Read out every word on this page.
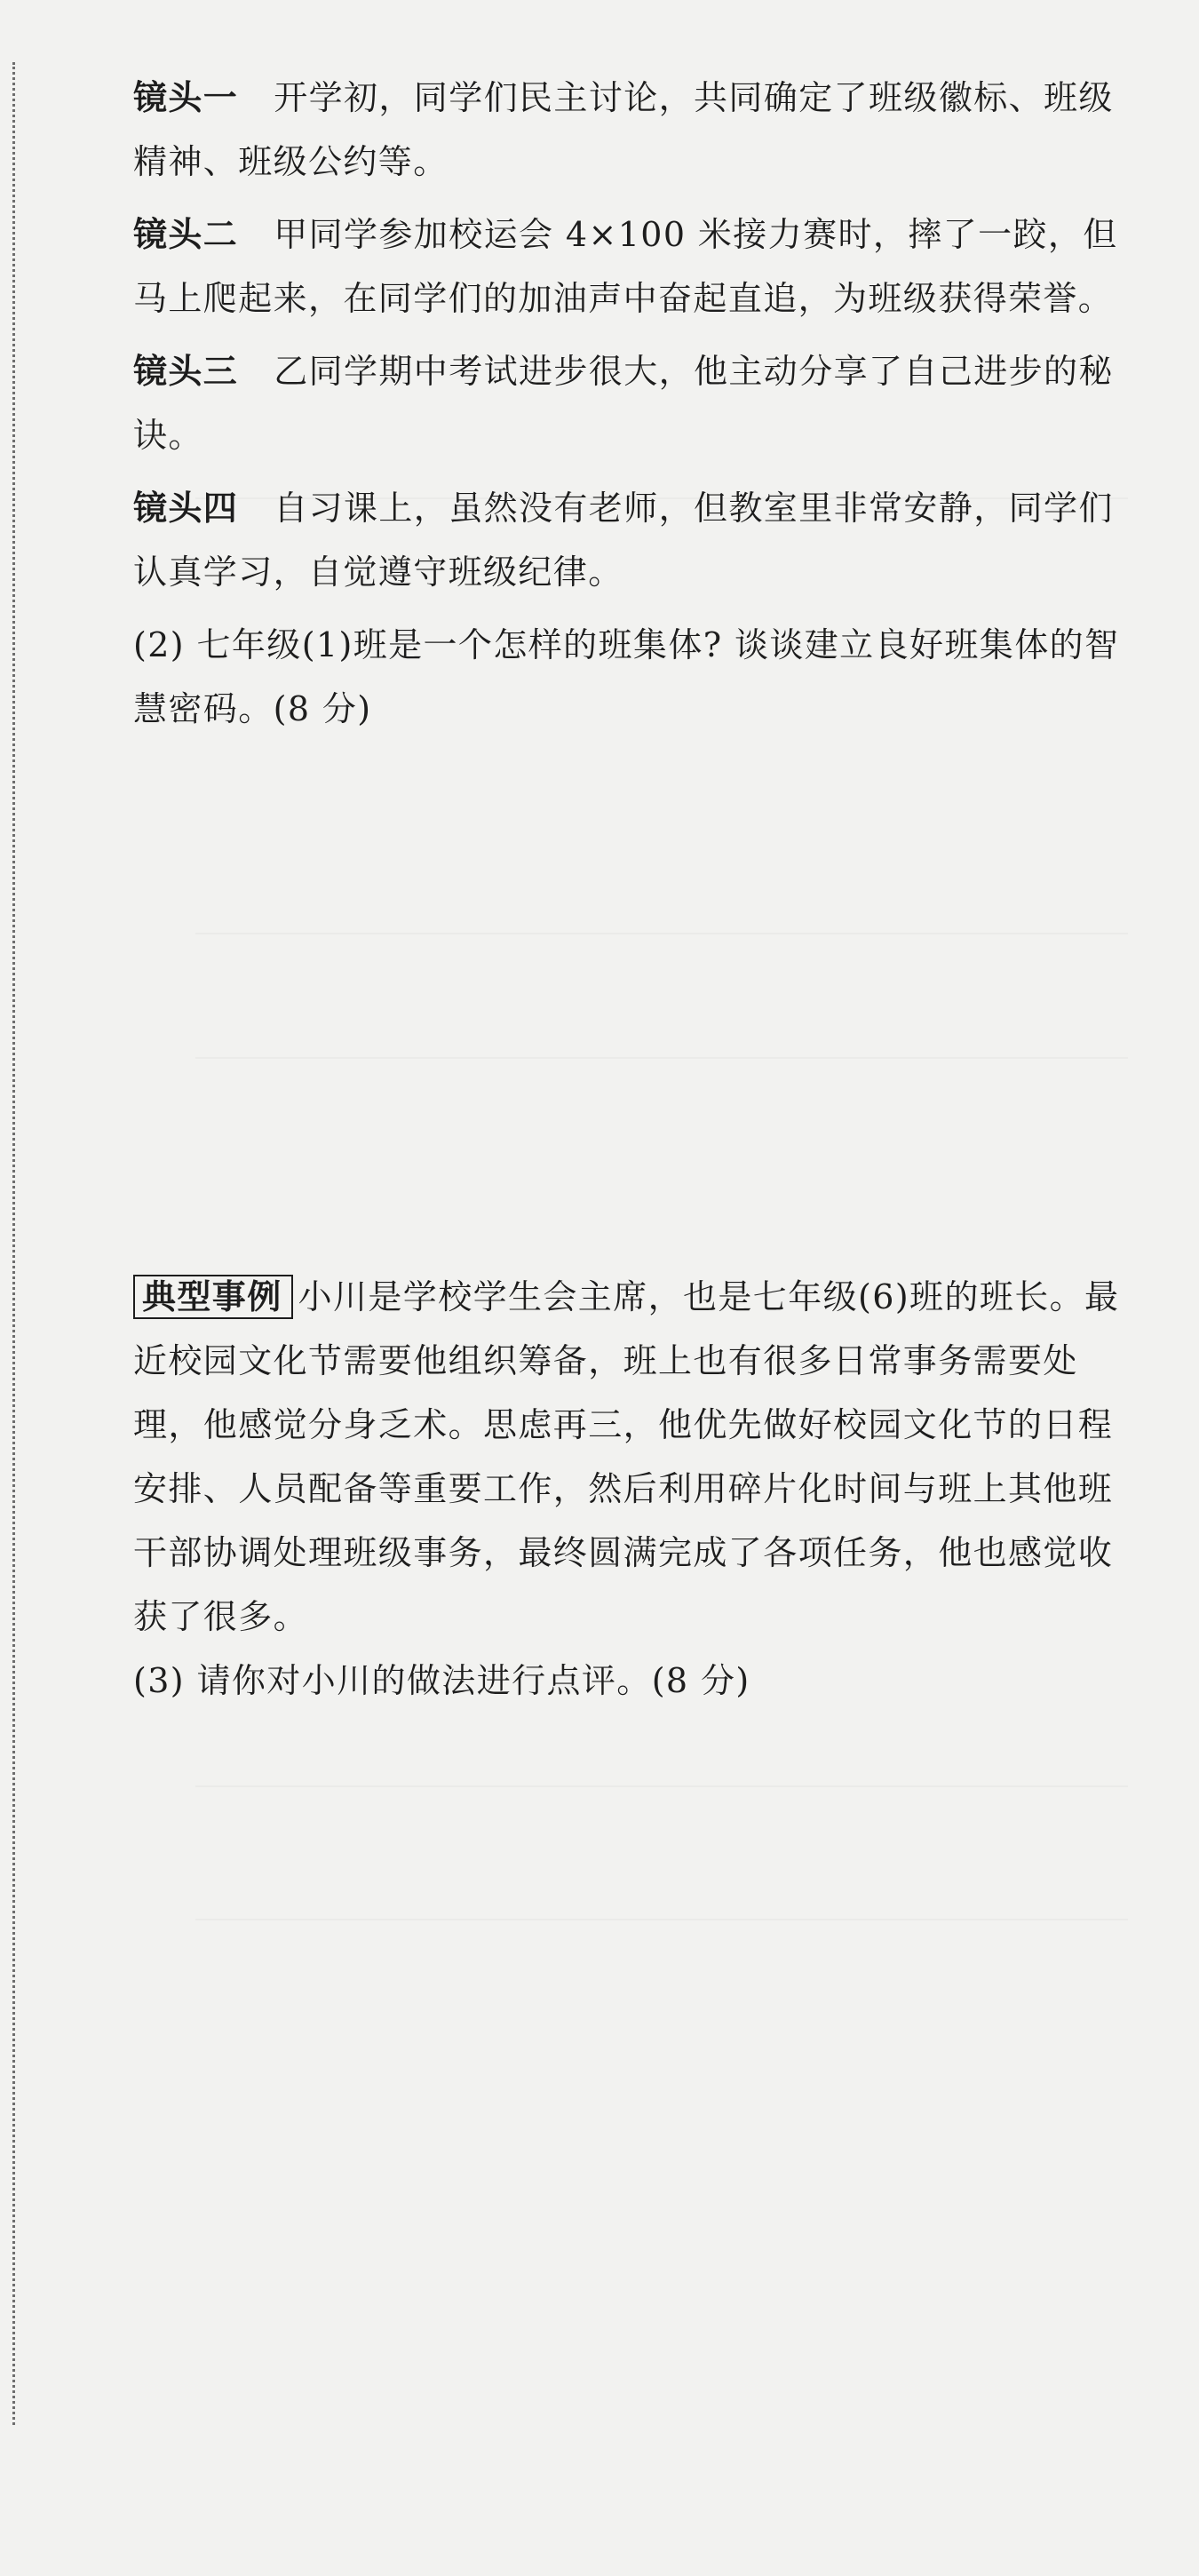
镜头一 开学初，同学们民主讨论，共同确定了班级徽标、班级精神、班级公约等。

镜头二 甲同学参加校运会 4×100 米接力赛时，摔了一跤，但马上爬起来，在同学们的加油声中奋起直追，为班级获得荣誉。

镜头三 乙同学期中考试进步很大，他主动分享了自己进步的秘诀。

镜头四 自习课上，虽然没有老师，但教室里非常安静，同学们认真学习，自觉遵守班级纪律。

(2) 七年级(1)班是一个怎样的班集体? 谈谈建立良好班集体的智慧密码。(8 分)

典型事例 小川是学校学生会主席，也是七年级(6)班的班长。最近校园文化节需要他组织筹备，班上也有很多日常事务需要处理，他感觉分身乏术。思虑再三，他优先做好校园文化节的日程安排、人员配备等重要工作，然后利用碎片化时间与班上其他班干部协调处理班级事务，最终圆满完成了各项任务，他也感觉收获了很多。

(3) 请你对小川的做法进行点评。(8 分)
